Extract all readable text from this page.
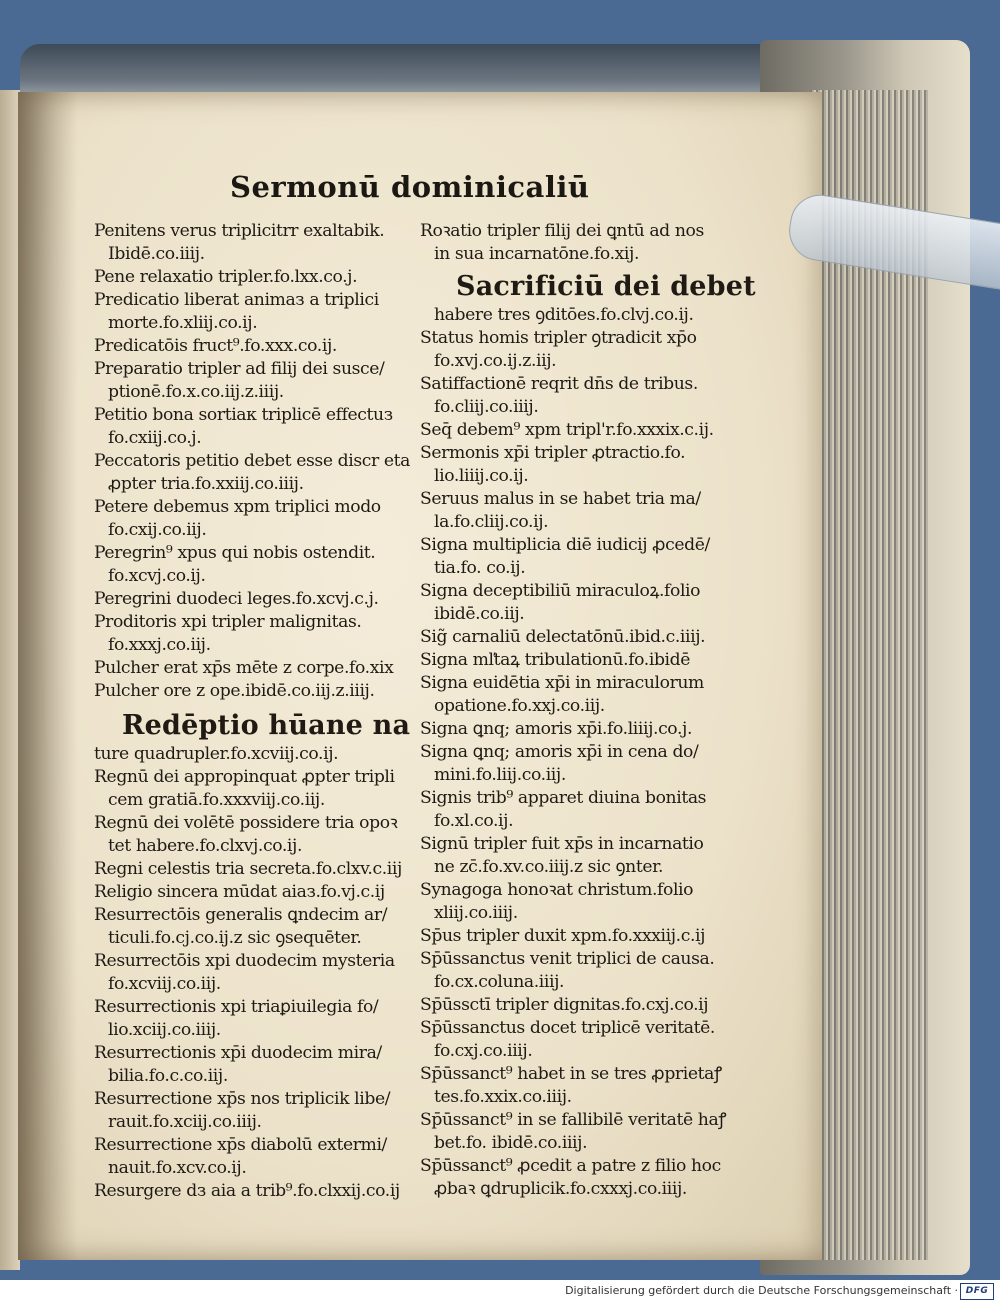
Sermonū dominicaliū
Penitens verus triplicitrr exaltabik.
Ibidē.co.iiij.
Pene relaxatio tripler.fo.lxx.co.j.
Predicatio liberat animaз a triplici
morte.fo.xliij.co.ij.
Predicatōis fruct⁹.fo.xxx.co.ij.
Preparatio tripler ad filij dei susce/
ptionē.fo.x.co.iij.z.iiij.
Petitio bona sortiaк triplicē effectuз
fo.cxiij.co.j.
Peccatoris petitio debet esse discr eta
ꝓpter tria.fo.xxiij.co.iiij.
Petere debemus xpm triplici modo
fo.cxij.co.iij.
Peregrin⁹ xpus qui nobis ostendit.
fo.xcvj.co.ij.
Peregrini duodeci leges.fo.xcvj.c.j.
Proditoris xpi tripler malignitas.
fo.xxxj.co.iij.
Pulcher erat xp̄s mēte z corpe.fo.xix
Pulcher ore z ope.ibidē.co.iij.z.iiij.
Redēptio hūane na
ture quadrupler.fo.xcviij.co.ij.
Regnū dei appropinquat ꝓpter tripli
cem gratiā.fo.xxxviij.co.iij.
Regnū dei volētē possidere tria opoꝛ
tet habere.fo.clxvj.co.ij.
Regni celestis tria secreta.fo.clxv.c.iij
Religio sincera mūdat aiaз.fo.vj.c.ij
Resurrectōis generalis ꝗndecim ar/
ticuli.fo.cj.co.ij.z sic ꝯsequēter.
Resurrectōis xpi duodecim mysteria
fo.xcviij.co.iij.
Resurrectionis xpi triaꝑiuilegia fo/
lio.xciij.co.iiij.
Resurrectionis xp̄i duodecim mira/
bilia.fo.c.co.iij.
Resurrectione xp̄s nos triplicik libe/
rauit.fo.xciij.co.iiij.
Resurrectione xp̄s diabolū extermi/
nauit.fo.xcv.co.ij.
Resurgere dз aia a trib⁹.fo.clxxij.co.ij
Roꝛatio tripler filij dei ꝗntū ad nos
in sua incarnatōne.fo.xij.
Sacrificiū dei debet
habere tres ꝯditōes.fo.clvj.co.ij.
Status homis tripler ꝯtradicit xp̄o
fo.xvj.co.ij.z.iij.
Satiffactionē reqrit dn̄s de tribus.
fo.cliij.co.iiij.
Seq̄ debem⁹ xpm tripl'r.fo.xxxix.c.ij.
Sermonis xp̄i tripler ꝓtractio.fo.
lio.liiij.co.ij.
Seruus malus in se habet tria ma/
la.fo.cliij.co.ij.
Signa multiplicia diē iudicij ꝓcedē/
tia.fo. co.ij.
Signa deceptibiliū miraculoꝝ.folio
ibidē.co.iij.
Sig̃ carnaliū delectatōnū.ibid.c.iiij.
Signa mľtaꝝ tribulationū.fo.ibidē
Signa euidētia xp̄i in miraculorum
opatione.fo.xxj.co.iij.
Signa ꝗnq; amoris xp̄i.fo.liiij.co.j.
Signa ꝗnq; amoris xp̄i in cena do/
mini.fo.liij.co.iij.
Signis trib⁹ apparet diuina bonitas
fo.xl.co.ij.
Signū tripler fuit xp̄s in incarnatio
ne zc̄.fo.xv.co.iiij.z sic ꝯnter.
Synagoga honoꝛat christum.folio
xliij.co.iiij.
Sp̄us tripler duxit xpm.fo.xxxiij.c.ij
Sp̄ūssanctus venit triplici de causa.
fo.cx.coluna.iiij.
Sp̄ūssctī tripler dignitas.fo.cxj.co.ij
Sp̄ūssanctus docet triplicē veritatē.
fo.cxj.co.iiij.
Sp̄ūssanct⁹ habet in se tres ꝓprietaꝭ
tes.fo.xxix.co.iiij.
Sp̄ūssanct⁹ in se fallibilē veritatē haꝭ
bet.fo. ibidē.co.iiij.
Sp̄ūssanct⁹ ꝓcedit a patre z filio hoc
ꝓbaꝛ ꝗdruplicik.fo.cxxxj.co.iiij.
Digitalisierung gefördert durch die Deutsche Forschungsgemeinschaft · DFG
